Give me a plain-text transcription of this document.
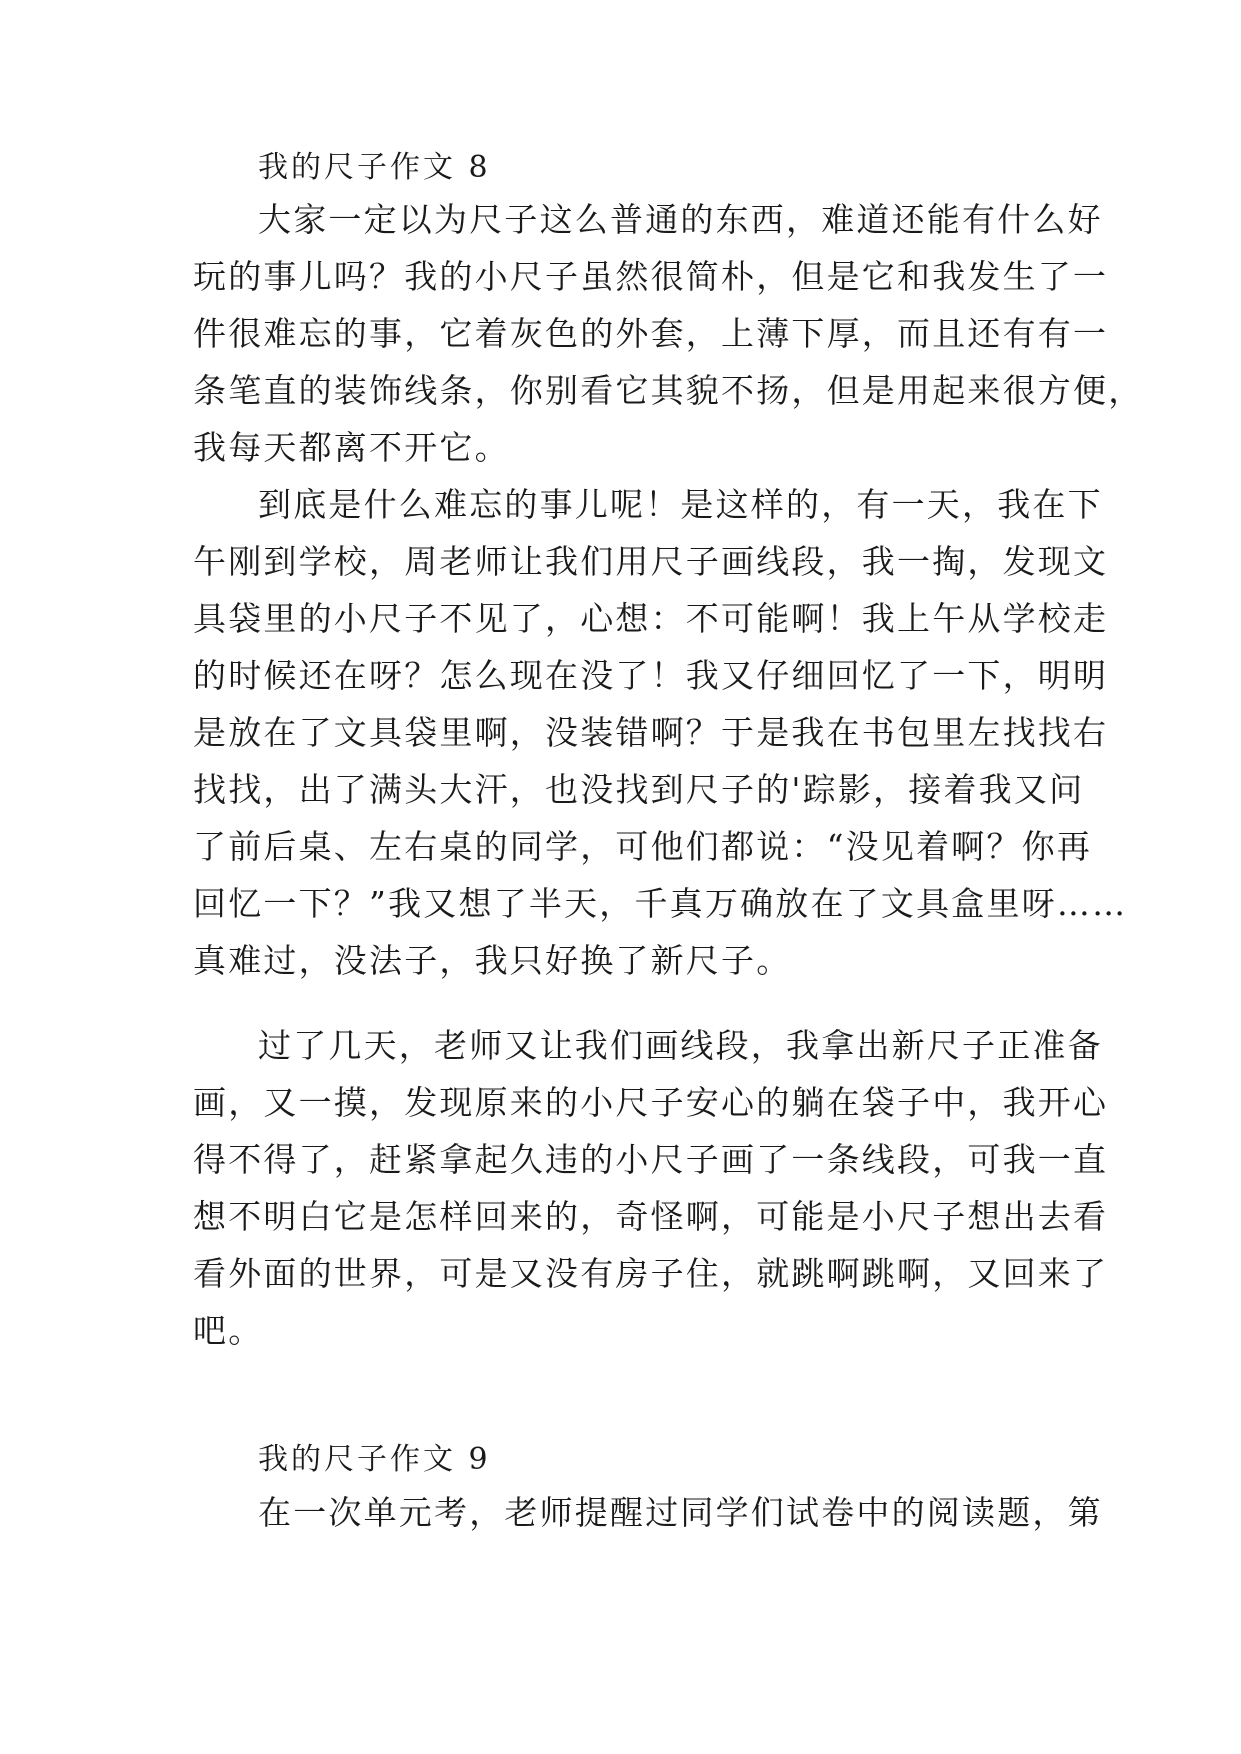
我的尺子作文 8
大家一定以为尺子这么普通的东西，难道还能有什么好
玩的事儿吗？我的小尺子虽然很简朴，但是它和我发生了一
件很难忘的事，它着灰色的外套，上薄下厚，而且还有有一
条笔直的装饰线条，你别看它其貌不扬，但是用起来很方便，
我每天都离不开它。
到底是什么难忘的事儿呢！是这样的，有一天，我在下
午刚到学校，周老师让我们用尺子画线段，我一掏，发现文
具袋里的小尺子不见了，心想：不可能啊！我上午从学校走
的时候还在呀？怎么现在没了！我又仔细回忆了一下，明明
是放在了文具袋里啊，没装错啊？于是我在书包里左找找右
找找，出了满头大汗，也没找到尺子的'踪影，接着我又问
了前后桌、左右桌的同学，可他们都说：“没见着啊？你再
回忆一下？”我又想了半天，千真万确放在了文具盒里呀……
真难过，没法子，我只好换了新尺子。
过了几天，老师又让我们画线段，我拿出新尺子正准备
画，又一摸，发现原来的小尺子安心的躺在袋子中，我开心
得不得了，赶紧拿起久违的小尺子画了一条线段，可我一直
想不明白它是怎样回来的，奇怪啊，可能是小尺子想出去看
看外面的世界，可是又没有房子住，就跳啊跳啊，又回来了
吧。
我的尺子作文 9
在一次单元考，老师提醒过同学们试卷中的阅读题，第
